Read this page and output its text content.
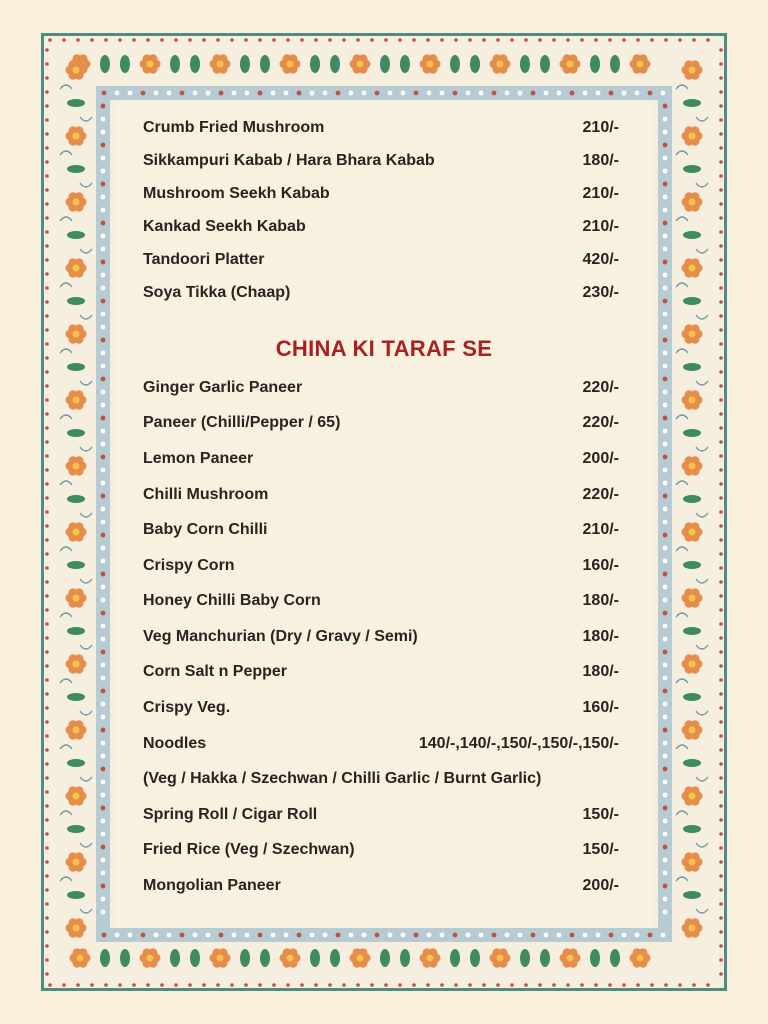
Crumb Fried Mushroom	210/-
Sikkampuri Kabab / Hara Bhara Kabab	180/-
Mushroom Seekh Kabab	210/-
Kankad Seekh Kabab	210/-
Tandoori Platter	420/-
Soya Tikka (Chaap)	230/-
CHINA KI TARAF SE
Ginger Garlic Paneer	220/-
Paneer (Chilli/Pepper / 65)	220/-
Lemon Paneer	200/-
Chilli Mushroom	220/-
Baby Corn Chilli	210/-
Crispy Corn	160/-
Honey Chilli Baby Corn	180/-
Veg Manchurian (Dry / Gravy / Semi)	180/-
Corn Salt n Pepper	180/-
Crispy Veg.	160/-
Noodles	140/-,140/-,150/-,150/-,150/-
(Veg / Hakka / Szechwan / Chilli Garlic / Burnt Garlic)
Spring Roll / Cigar Roll	150/-
Fried Rice (Veg / Szechwan)	150/-
Mongolian Paneer	200/-
